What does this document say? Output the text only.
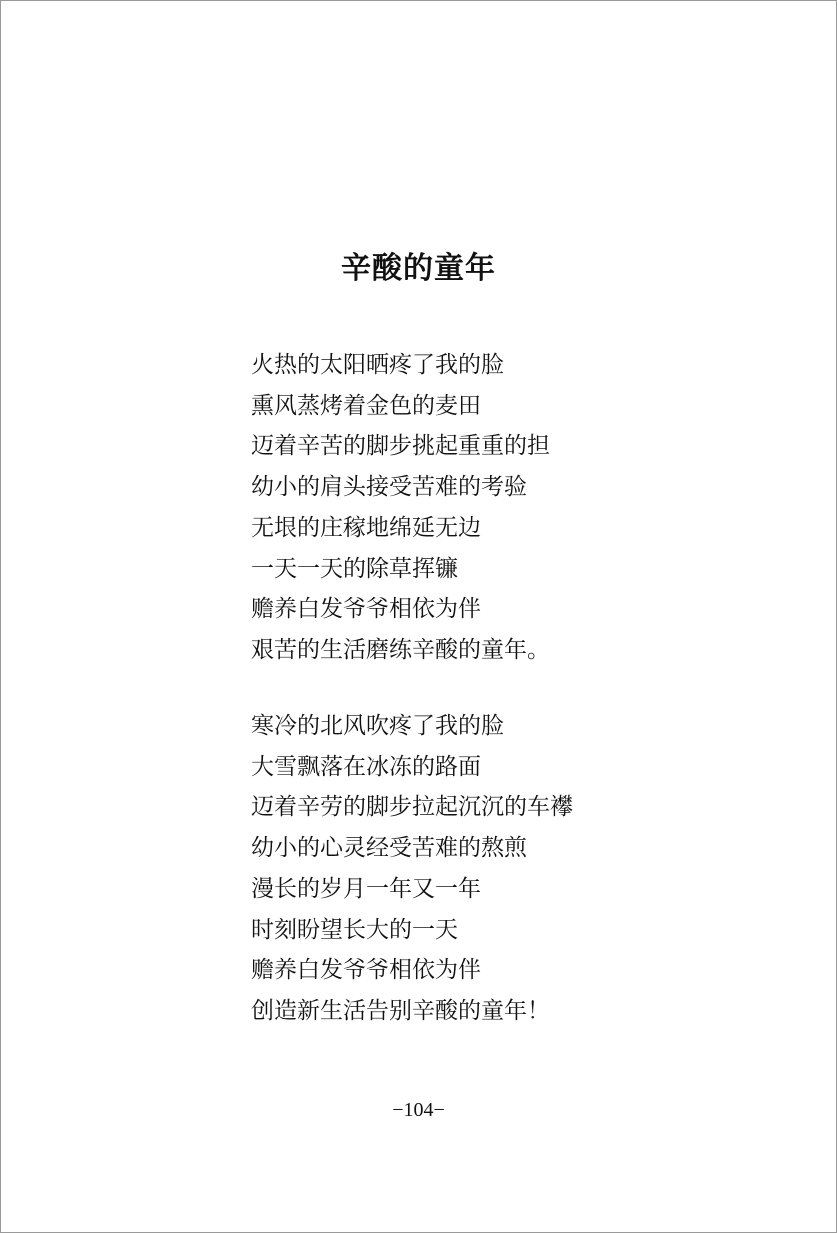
辛酸的童年
火热的太阳晒疼了我的脸
熏风蒸烤着金色的麦田
迈着辛苦的脚步挑起重重的担
幼小的肩头接受苦难的考验
无垠的庄稼地绵延无边
一天一天的除草挥镰
赡养白发爷爷相依为伴
艰苦的生活磨练辛酸的童年。
寒冷的北风吹疼了我的脸
大雪飘落在冰冻的路面
迈着辛劳的脚步拉起沉沉的车襻
幼小的心灵经受苦难的熬煎
漫长的岁月一年又一年
时刻盼望长大的一天
赡养白发爷爷相依为伴
创造新生活告别辛酸的童年！
−104−
